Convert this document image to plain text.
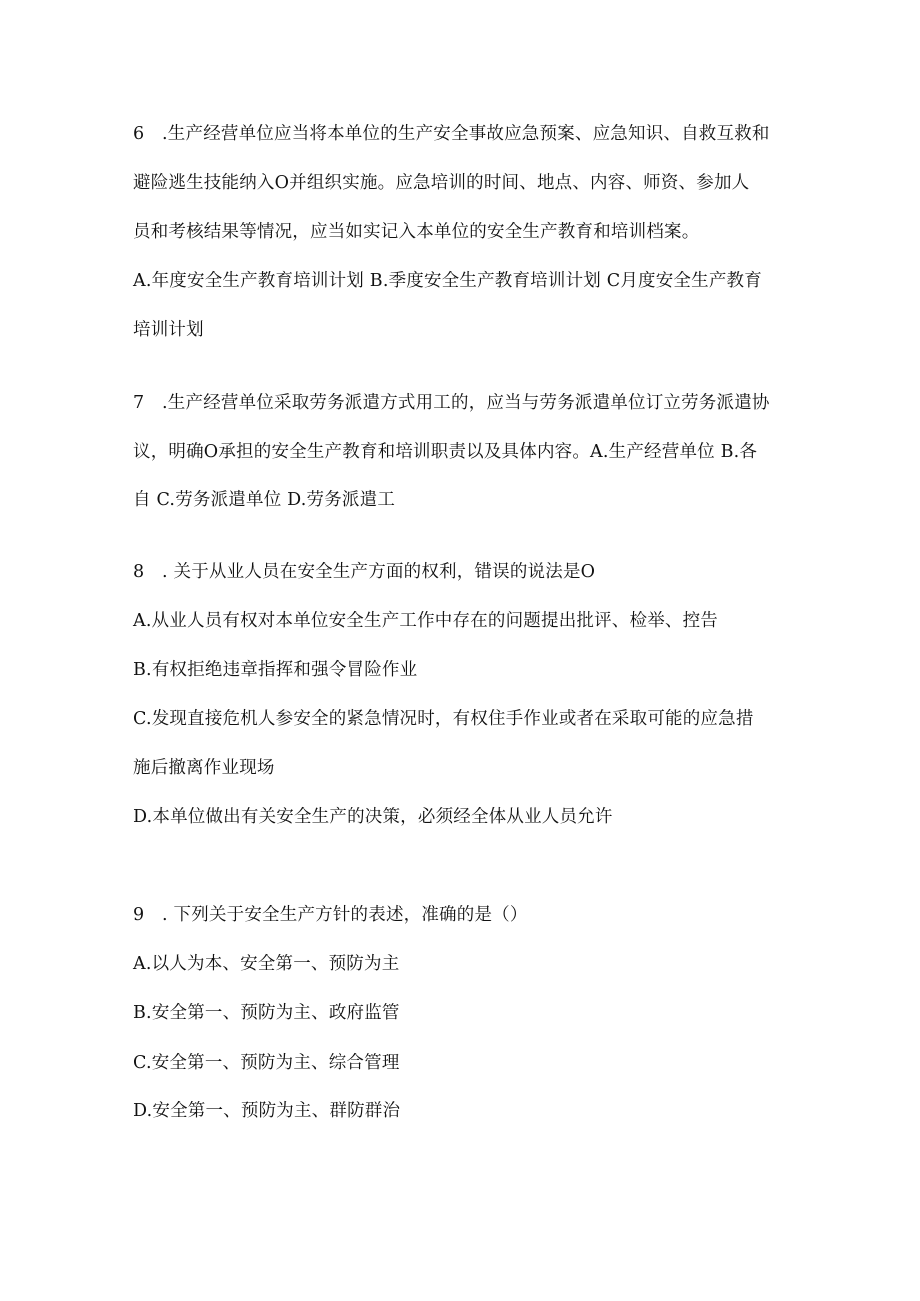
6　.生产经营单位应当将本单位的生产安全事故应急预案、应急知识、自救互救和
避险逃生技能纳入O并组织实施。应急培训的时间、地点、内容、师资、参加人
员和考核结果等情况，应当如实记入本单位的安全生产教育和培训档案。
A.年度安全生产教育培训计划 B.季度安全生产教育培训计划 C月度安全生产教育
培训计划
7　.生产经营单位采取劳务派遣方式用工的，应当与劳务派遣单位订立劳务派遣协
议，明确O承担的安全生产教育和培训职责以及具体内容。A.生产经营单位 B.各
自 C.劳务派遣单位 D.劳务派遣工
8　. 关于从业人员在安全生产方面的权利，错误的说法是O
A.从业人员有权对本单位安全生产工作中存在的问题提出批评、检举、控告
B.有权拒绝违章指挥和强令冒险作业
C.发现直接危机人参安全的紧急情况时，有权住手作业或者在采取可能的应急措
施后撤离作业现场
D.本单位做出有关安全生产的决策，必须经全体从业人员允许
9　. 下列关于安全生产方针的表述，准确的是（）
A.以人为本、安全第一、预防为主
B.安全第一、预防为主、政府监管
C.安全第一、预防为主、综合管理
D.安全第一、预防为主、群防群治
